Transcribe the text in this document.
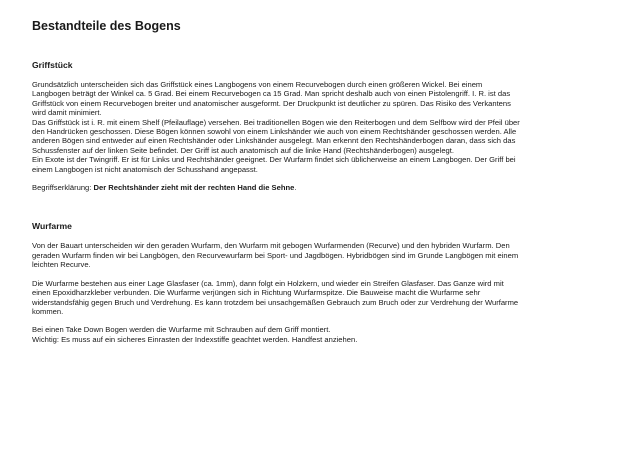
Bestandteile des Bogens
Griffstück

Grundsätzlich unterscheiden sich das Griffstück eines Langbogens von einem Recurvebogen durch einen größeren Wickel. Bei einem
Langbogen beträgt der Winkel ca. 5 Grad. Bei einem Recurvebogen ca 15 Grad. Man spricht deshalb auch von einen Pistolengriff. I. R. ist das
Griffstück von einem Recurvebogen breiter und anatomischer ausgeformt. Der Druckpunkt ist deutlicher zu spüren. Das Risiko des Verkantens
wird damit minimiert.
Das Griffstück ist i. R. mit einem Shelf (Pfeilauflage) versehen. Bei traditionellen Bögen wie den Reiterbogen und dem Selfbow wird der Pfeil über
den Handrücken geschossen. Diese Bögen können sowohl von einem Linkshänder wie auch von einem Rechtshänder geschossen werden. Alle
anderen Bögen sind entweder auf einen Rechtshänder oder Linkshänder ausgelegt. Man erkennt den Rechtshänderbogen daran, dass sich das
Schussfenster auf der linken Seite befindet. Der Griff ist auch anatomisch auf die linke Hand (Rechtshänderbogen) ausgelegt.
Ein Exote ist der Twingriff. Er ist für Links und Rechtshänder geeignet. Der Wurfarm findet sich üblicherweise an einem Langbogen. Der Griff bei
einem Langbogen ist nicht anatomisch der Schusshand angepasst.

Begriffserklärung: Der Rechtshänder zieht mit der rechten Hand die Sehne.

Wurfarme

Von der Bauart unterscheiden wir den geraden Wurfarm, den Wurfarm mit gebogen Wurfarmenden (Recurve) und den hybriden Wurfarm. Den
geraden Wurfarm finden wir bei Langbögen, den Recurvewurfarm bei Sport- und Jagdbögen. Hybridbögen sind im Grunde Langbögen mit einem
leichten Recurve.

Die Wurfarme bestehen aus einer Lage Glasfaser (ca. 1mm), dann folgt ein Holzkern, und wieder ein Streifen Glasfaser. Das Ganze wird mit
einen Epoxidharzkleber verbunden. Die Wurfarme verjüngen sich in Richtung Wurfarmspitze. Die Bauweise macht die Wurfarme sehr
widerstandsfähig gegen Bruch und Verdrehung. Es kann trotzdem bei unsachgemäßen Gebrauch zum Bruch oder zur Verdrehung der Wurfarme
kommen.

Bei einen Take Down Bogen werden die Wurfarme mit Schrauben auf dem Griff montiert.
Wichtig: Es muss auf ein sicheres Einrasten der Indexstiffe geachtet werden. Handfest anziehen.
